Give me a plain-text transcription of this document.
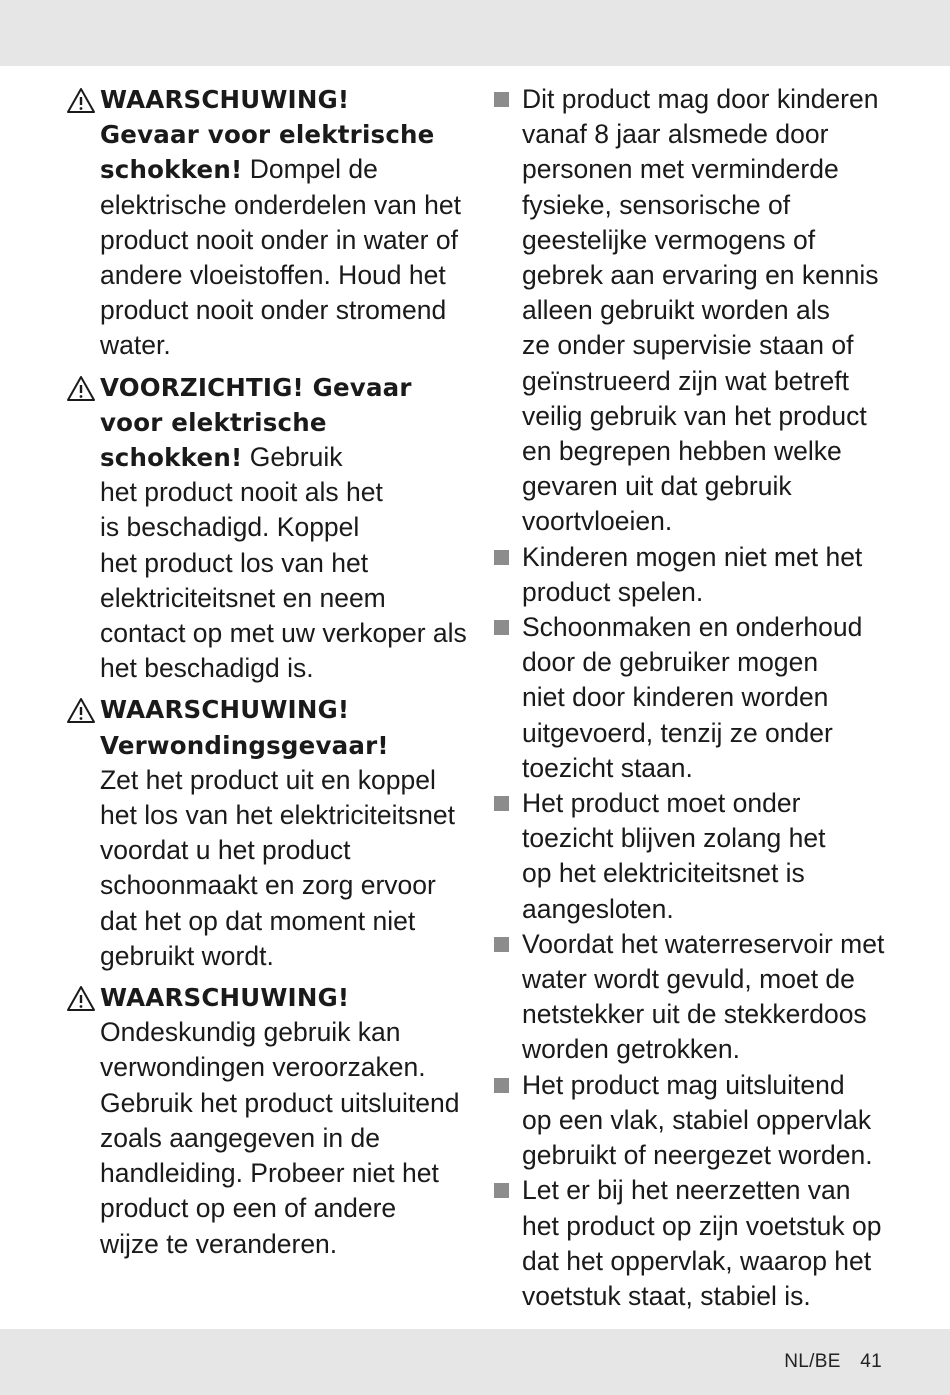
WAARSCHUWING!
Gevaar voor elektrische
schokken! Dompel de
elektrische onderdelen van het
product nooit onder in water of
andere vloeistoffen. Houd het
product nooit onder stromend
water.
VOORZICHTIG! Gevaar
voor elektrische
schokken! Gebruik
het product nooit als het
is beschadigd. Koppel
het product los van het
elektriciteitsnet en neem
contact op met uw verkoper als
het beschadigd is.
WAARSCHUWING!
Verwondingsgevaar!
Zet het product uit en koppel
het los van het elektriciteitsnet
voordat u het product
schoonmaakt en zorg ervoor
dat het op dat moment niet
gebruikt wordt.
WAARSCHUWING!
Ondeskundig gebruik kan
verwondingen veroorzaken.
Gebruik het product uitsluitend
zoals aangegeven in de
handleiding. Probeer niet het
product op een of andere
wijze te veranderen.
Dit product mag door kinderen
vanaf 8 jaar alsmede door
personen met verminderde
fysieke, sensorische of
geestelijke vermogens of
gebrek aan ervaring en kennis
alleen gebruikt worden als
ze onder supervisie staan of
geïnstrueerd zijn wat betreft
veilig gebruik van het product
en begrepen hebben welke
gevaren uit dat gebruik
voortvloeien.
Kinderen mogen niet met het
product spelen.
Schoonmaken en onderhoud
door de gebruiker mogen
niet door kinderen worden
uitgevoerd, tenzij ze onder
toezicht staan.
Het product moet onder
toezicht blijven zolang het
op het elektriciteitsnet is
aangesloten.
Voordat het waterreservoir met
water wordt gevuld, moet de
netstekker uit de stekkerdoos
worden getrokken.
Het product mag uitsluitend
op een vlak, stabiel oppervlak
gebruikt of neergezet worden.
Let er bij het neerzetten van
het product op zijn voetstuk op
dat het oppervlak, waarop het
voetstuk staat, stabiel is.
NL/BE 41
